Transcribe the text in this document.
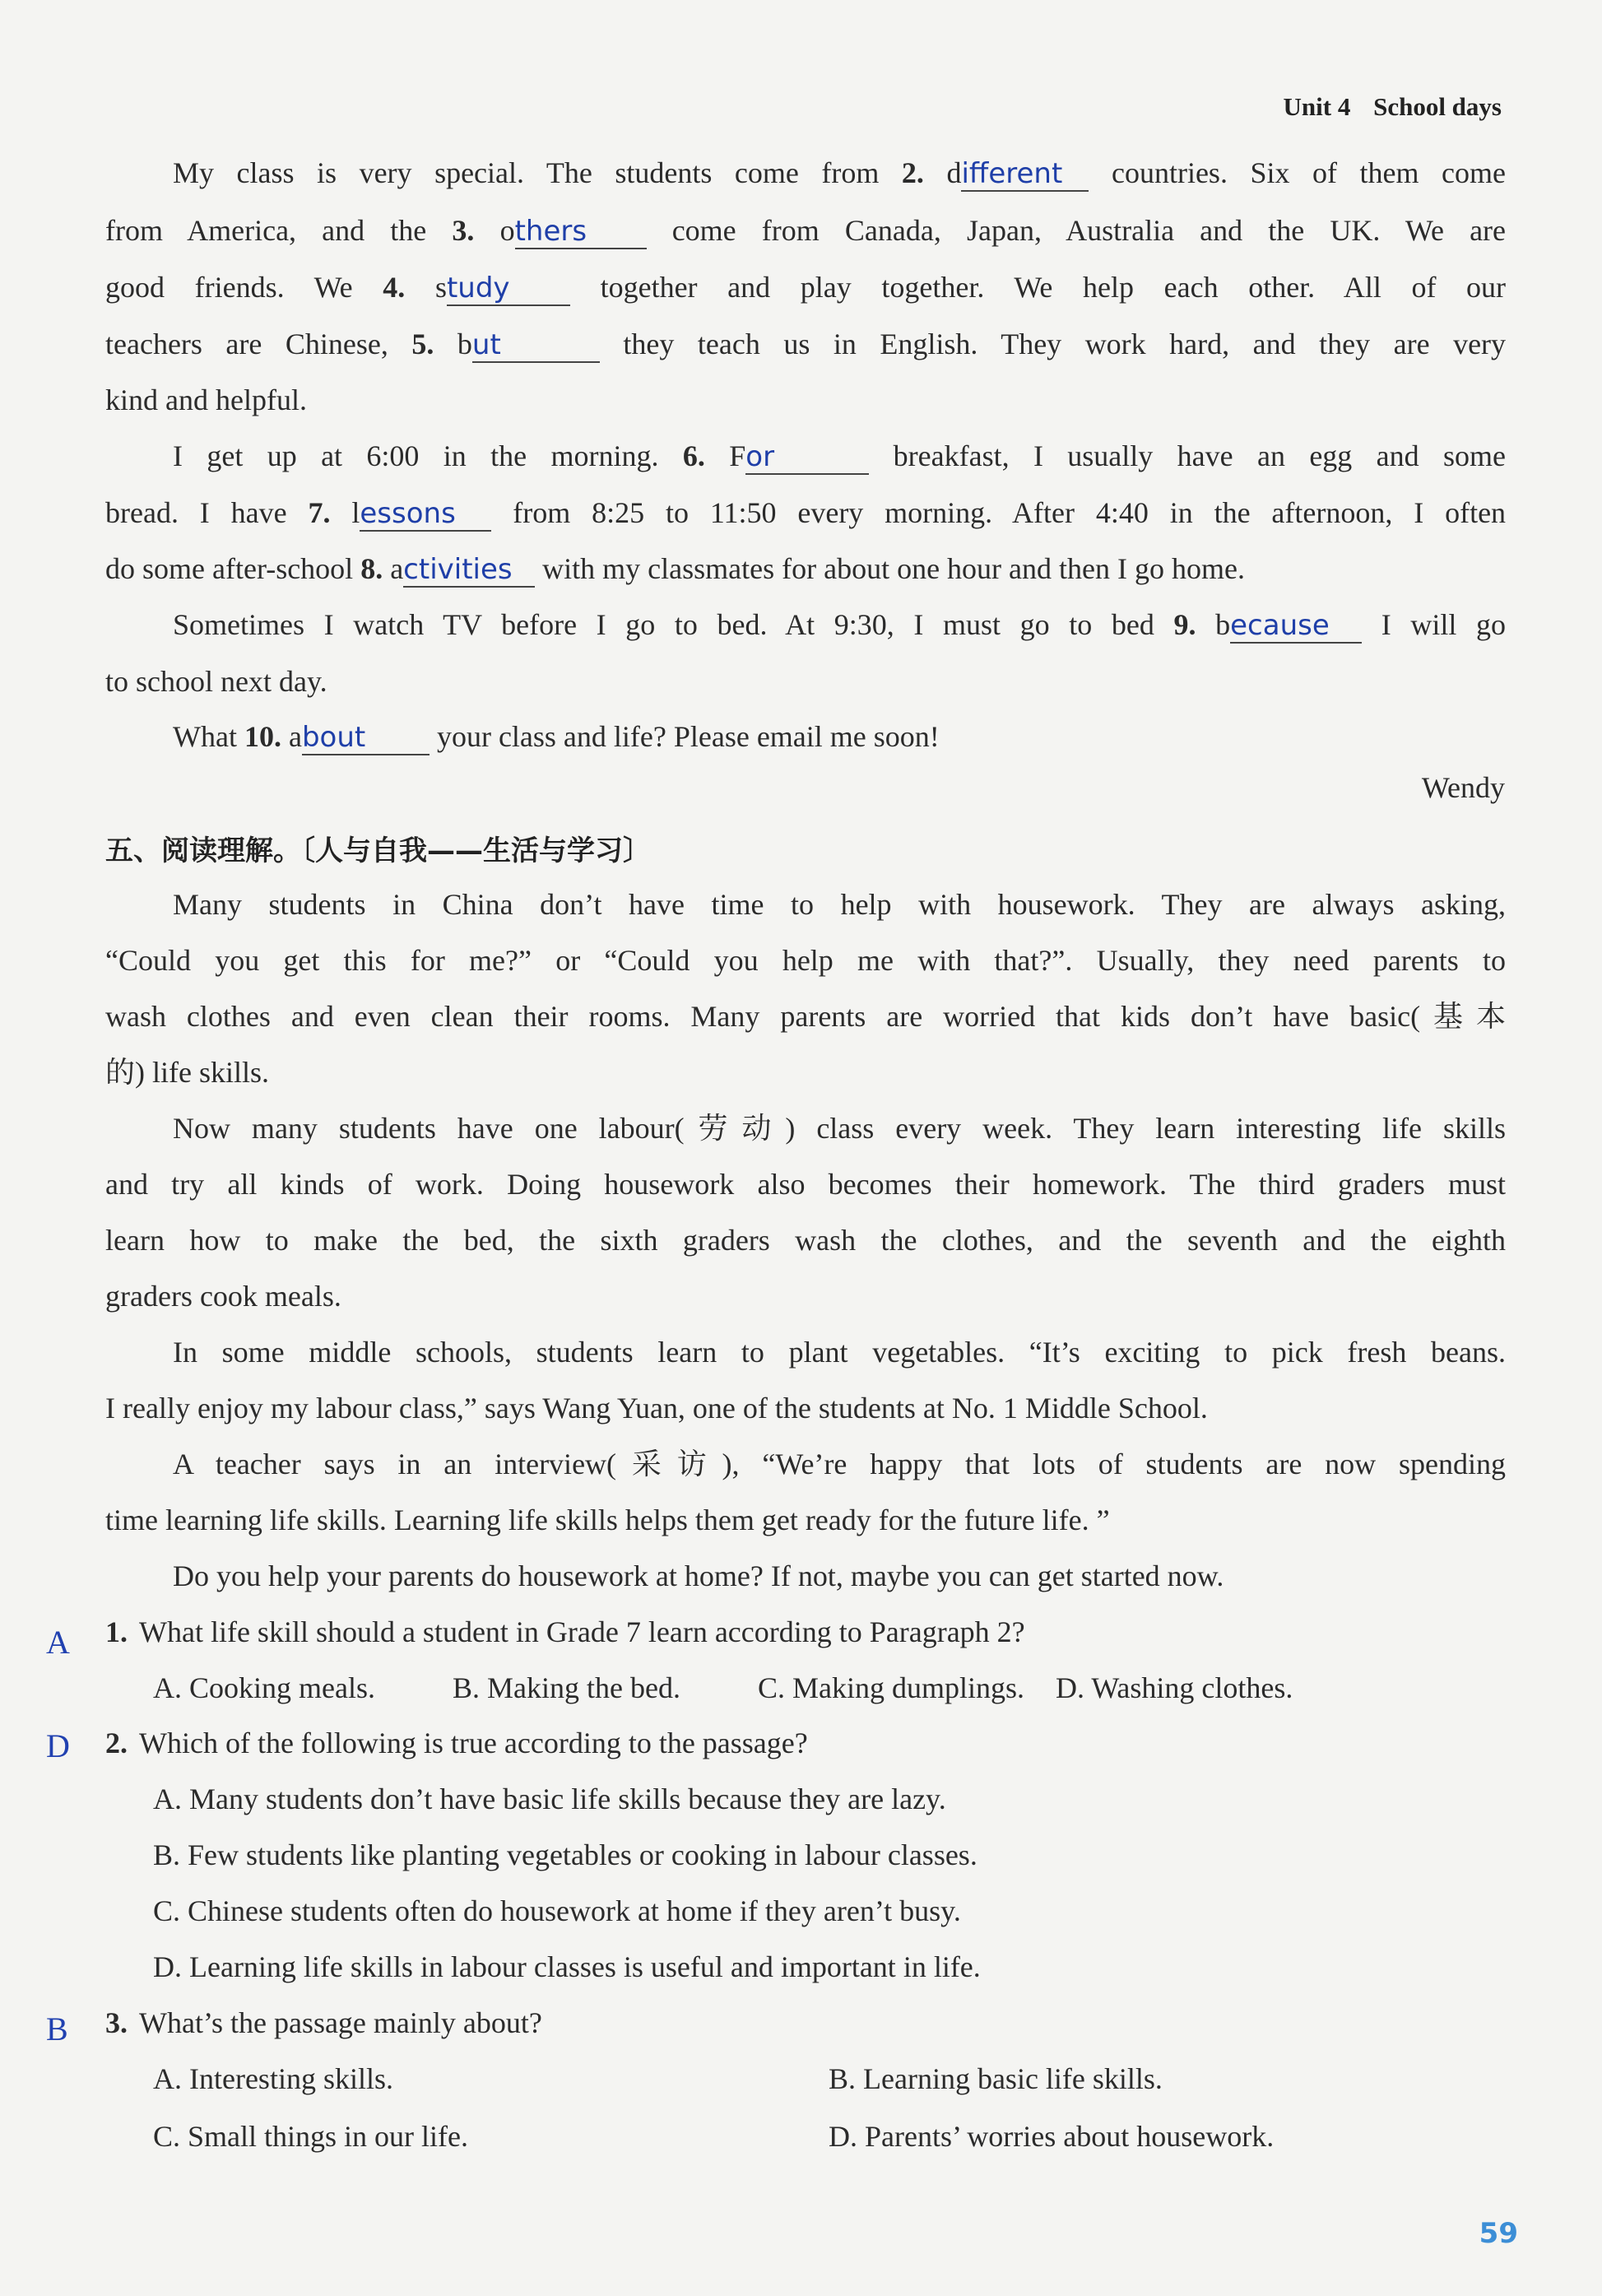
Unit 4 School days
My class is very special. The students come from 2. different countries. Six of them come
from America, and the 3. others	come from Canada, Japan, Australia and the UK. We are
good friends. We 4. study	together and play together. We help each other. All of our
teachers are Chinese, 5. but	they teach us in English. They work hard, and they are very
kind and helpful.
I get up at 6:00 in the morning. 6. For	breakfast, I usually have an egg and some
bread. I have 7. lessons from 8:25 to 11:50 every morning. After 4:40 in the afternoon, I often
do some after-school 8. activities with my classmates for about one hour and then I go home.
Sometimes I watch TV before I go to bed. At 9:30, I must go to bed 9. because I will go
to school next day.
What 10. about your class and life? Please email me soon!
Wendy
五、阅读理解。〔人与自我——生活与学习〕
Many students in China don’t have time to help with housework. They are always asking,
“Could you get this for me?” or “Could you help me with that?”. Usually, they need parents to
wash clothes and even clean their rooms. Many parents are worried that kids don’t have basic(基本
的) life skills.
Now many students have one labour(劳动) class every week. They learn interesting life skills
and try all kinds of work. Doing housework also becomes their homework. The third graders must
learn how to make the bed, the sixth graders wash the clothes, and the seventh and the eighth
graders cook meals.
In some middle schools, students learn to plant vegetables. “It’s exciting to pick fresh beans.
I really enjoy my labour class,” says Wang Yuan, one of the students at No. 1 Middle School.
A teacher says in an interview(采访), “We’re happy that lots of students are now spending
time learning life skills. Learning life skills helps them get ready for the future life. ”
Do you help your parents do housework at home? If not, maybe you can get started now.
A 1. What life skill should a student in Grade 7 learn according to Paragraph 2?
A. Cooking meals.	B. Making the bed.	C. Making dumplings. D. Washing clothes.
D 2. Which of the following is true according to the passage?
A. Many students don’t have basic life skills because they are lazy.
B. Few students like planting vegetables or cooking in labour classes.
C. Chinese students often do housework at home if they aren’t busy.
D. Learning life skills in labour classes is useful and important in life.
B 3. What’s the passage mainly about?
A. Interesting skills.	B. Learning basic life skills.
C. Small things in our life.	D. Parents’ worries about housework.
59
